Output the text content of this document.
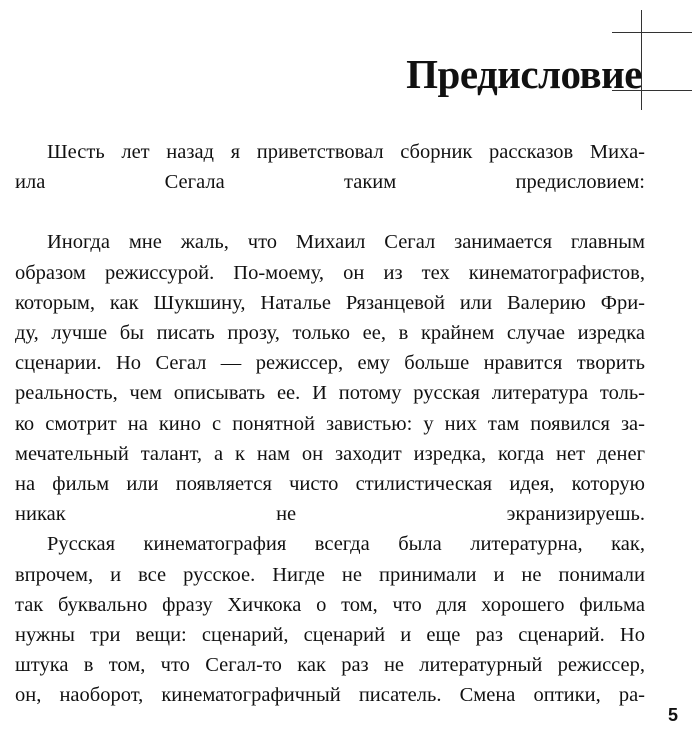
Предисловие

Шесть лет назад я приветствовал сборник рассказов Миха-
ила Сегала таким предисловием:

Иногда мне жаль, что Михаил Сегал занимается главным
образом режиссурой. По-моему, он из тех кинематографистов,
которым, как Шукшину, Наталье Рязанцевой или Валерию Фри-
ду, лучше бы писать прозу, только ее, в крайнем случае изредка
сценарии. Но Сегал — режиссер, ему больше нравится творить
реальность, чем описывать ее. И потому русская литература толь-
ко смотрит на кино с понятной завистью: у них там появился за-
мечательный талант, а к нам он заходит изредка, когда нет денег
на фильм или появляется чисто стилистическая идея, которую
никак не экранизируешь.

Русская кинематография всегда была литературна, как,
впрочем, и все русское. Нигде не принимали и не понимали
так буквально фразу Хичкока о том, что для хорошего фильма
нужны три вещи: сценарий, сценарий и еще раз сценарий. Но
штука в том, что Сегал-то как раз не литературный режиссер,
он, наоборот, кинематографичный писатель. Смена оптики, ра-

5
